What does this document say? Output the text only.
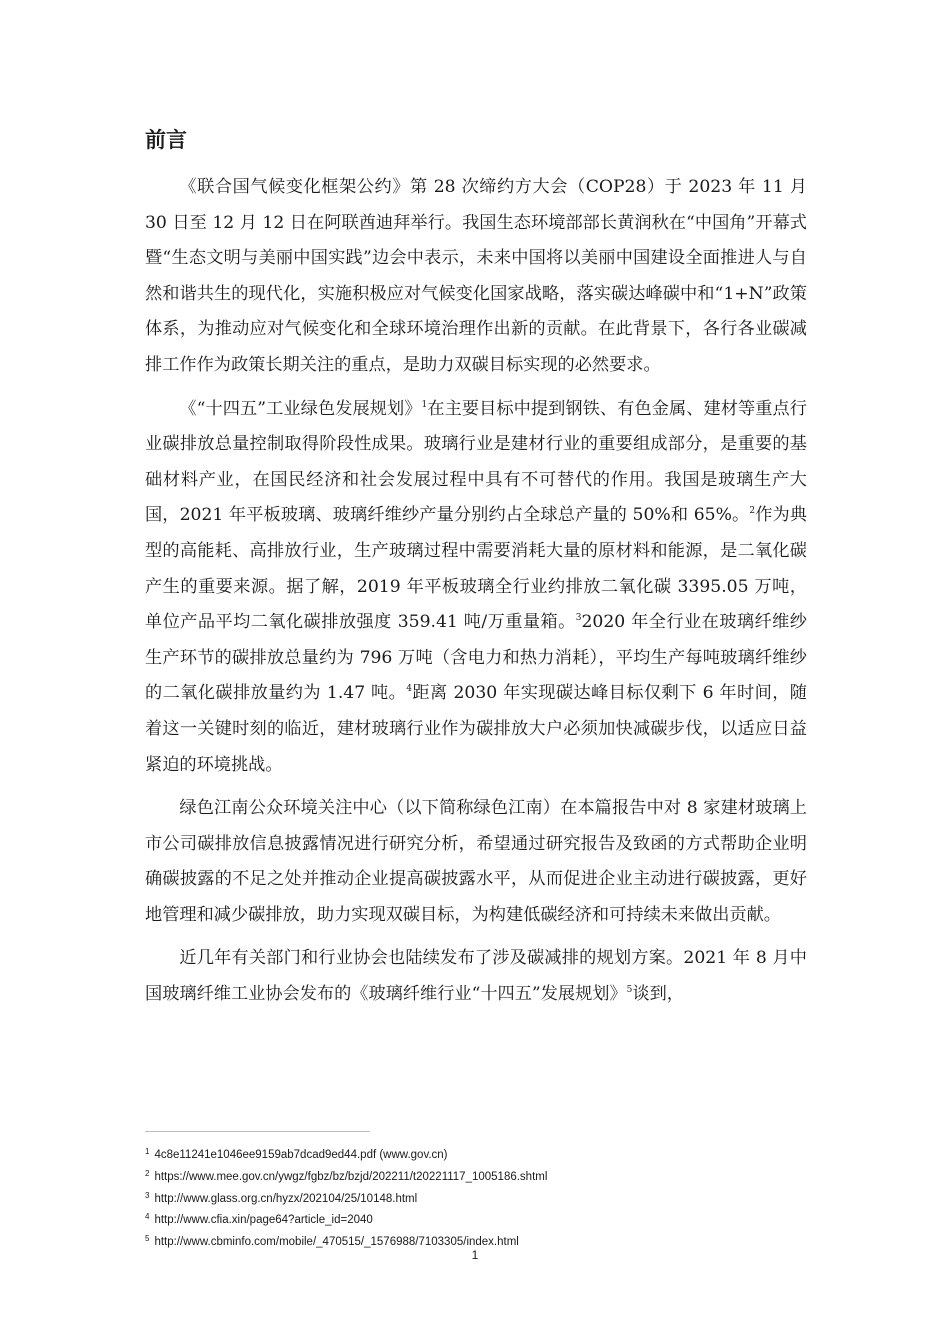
前言

《联合国气候变化框架公约》第 28 次缔约方大会（COP28）于 2023 年 11 月 30 日至 12 月 12 日在阿联酋迪拜举行。我国生态环境部部长黄润秋在“中国角”开幕式暨“生态文明与美丽中国实践”边会中表示，未来中国将以美丽中国建设全面推进人与自然和谐共生的现代化，实施积极应对气候变化国家战略，落实碳达峰碳中和“1+N”政策体系，为推动应对气候变化和全球环境治理作出新的贡献。在此背景下，各行各业碳减排工作作为政策长期关注的重点，是助力双碳目标实现的必然要求。

《“十四五”工业绿色发展规划》$^1$在主要目标中提到钢铁、有色金属、建材等重点行业碳排放总量控制取得阶段性成果。玻璃行业是建材行业的重要组成部分，是重要的基础材料产业，在国民经济和社会发展过程中具有不可替代的作用。我国是玻璃生产大国，2021 年平板玻璃、玻璃纤维纱产量分别约占全球总产量的 50%和 65%。$^2$作为典型的高能耗、高排放行业，生产玻璃过程中需要消耗大量的原材料和能源，是二氧化碳产生的重要来源。据了解，2019 年平板玻璃全行业约排放二氧化碳 3395.05 万吨，单位产品平均二氧化碳排放强度 359.41 吨/万重量箱。$^3$2020 年全行业在玻璃纤维纱生产环节的碳排放总量约为 796 万吨（含电力和热力消耗），平均生产每吨玻璃纤维纱的二氧化碳排放量约为 1.47 吨。$^4$距离 2030 年实现碳达峰目标仅剩下 6 年时间，随着这一关键时刻的临近，建材玻璃行业作为碳排放大户必须加快减碳步伐，以适应日益紧迫的环境挑战。

绿色江南公众环境关注中心（以下简称绿色江南）在本篇报告中对 8 家建材玻璃上市公司碳排放信息披露情况进行研究分析，希望通过研究报告及致函的方式帮助企业明确碳披露的不足之处并推动企业提高碳披露水平，从而促进企业主动进行碳披露，更好地管理和减少碳排放，助力实现双碳目标，为构建低碳经济和可持续未来做出贡献。

近几年有关部门和行业协会也陆续发布了涉及碳减排的规划方案。2021 年 8 月中国玻璃纤维工业协会发布的《玻璃纤维行业“十四五”发展规划》$^5$谈到，

$^1$ 4c8e11241e1046ee9159ab7dcad9ed44.pdf (www.gov.cn)
$^2$ https://www.mee.gov.cn/ywgz/fgbz/bz/bzjd/202211/t20221117_1005186.shtml
$^3$ http://www.glass.org.cn/hyzx/202104/25/10148.html
$^4$ http://www.cfia.xin/page64?article_id=2040
$^5$ http://www.cbminfo.com/mobile/_470515/_1576988/7103305/index.html
1
